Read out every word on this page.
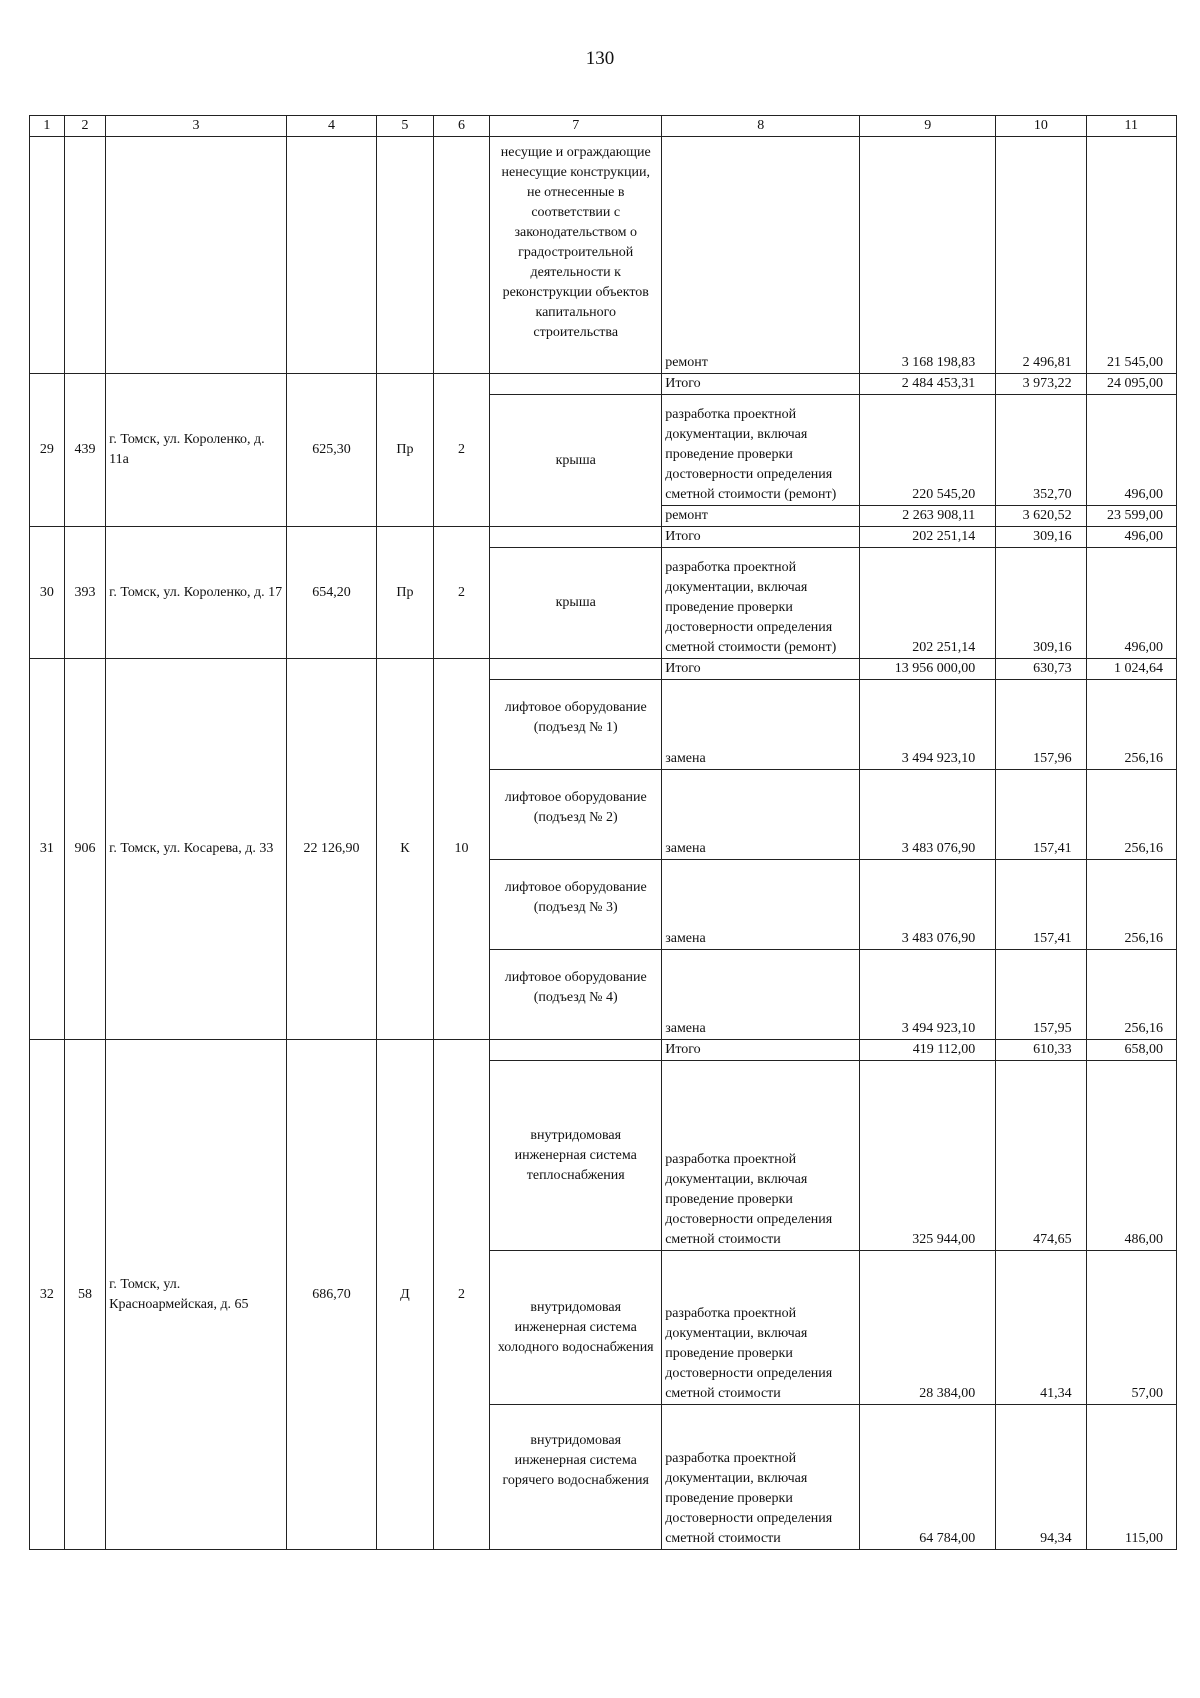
130
1	2	3	4	5	6	7	8	9	10	11
						несущие и ограждающие ненесущие конструкции, не отнесенные в соответствии с законодательством о градостроительной деятельности к реконструкции объектов капитального строительства	ремонт	3 168 198,83	2 496,81	21 545,00
29	439	г. Томск, ул. Короленко, д. 11а	625,30	Пр	2		Итого	2 484 453,31	3 973,22	24 095,00
						крыша	разработка проектной документации, включая проведение проверки достоверности определения сметной стоимости (ремонт)	220 545,20	352,70	496,00
							ремонт	2 263 908,11	3 620,52	23 599,00
30	393	г. Томск, ул. Короленко, д. 17	654,20	Пр	2		Итого	202 251,14	309,16	496,00
						крыша	разработка проектной документации, включая проведение проверки достоверности определения сметной стоимости (ремонт)	202 251,14	309,16	496,00
31	906	г. Томск, ул. Косарева, д. 33	22 126,90	К	10		Итого	13 956 000,00	630,73	1 024,64
						лифтовое оборудование (подъезд № 1)	замена	3 494 923,10	157,96	256,16
						лифтовое оборудование (подъезд № 2)	замена	3 483 076,90	157,41	256,16
						лифтовое оборудование (подъезд № 3)	замена	3 483 076,90	157,41	256,16
						лифтовое оборудование (подъезд № 4)	замена	3 494 923,10	157,95	256,16
32	58	г. Томск, ул. Красноармейская, д. 65	686,70	Д	2		Итого	419 112,00	610,33	658,00
						внутридомовая инженерная система теплоснабжения	разработка проектной документации, включая проведение проверки достоверности определения сметной стоимости	325 944,00	474,65	486,00
						внутридомовая инженерная система холодного водоснабжения	разработка проектной документации, включая проведение проверки достоверности определения сметной стоимости	28 384,00	41,34	57,00
						внутридомовая инженерная система горячего водоснабжения	разработка проектной документации, включая проведение проверки достоверности определения сметной стоимости	64 784,00	94,34	115,00
